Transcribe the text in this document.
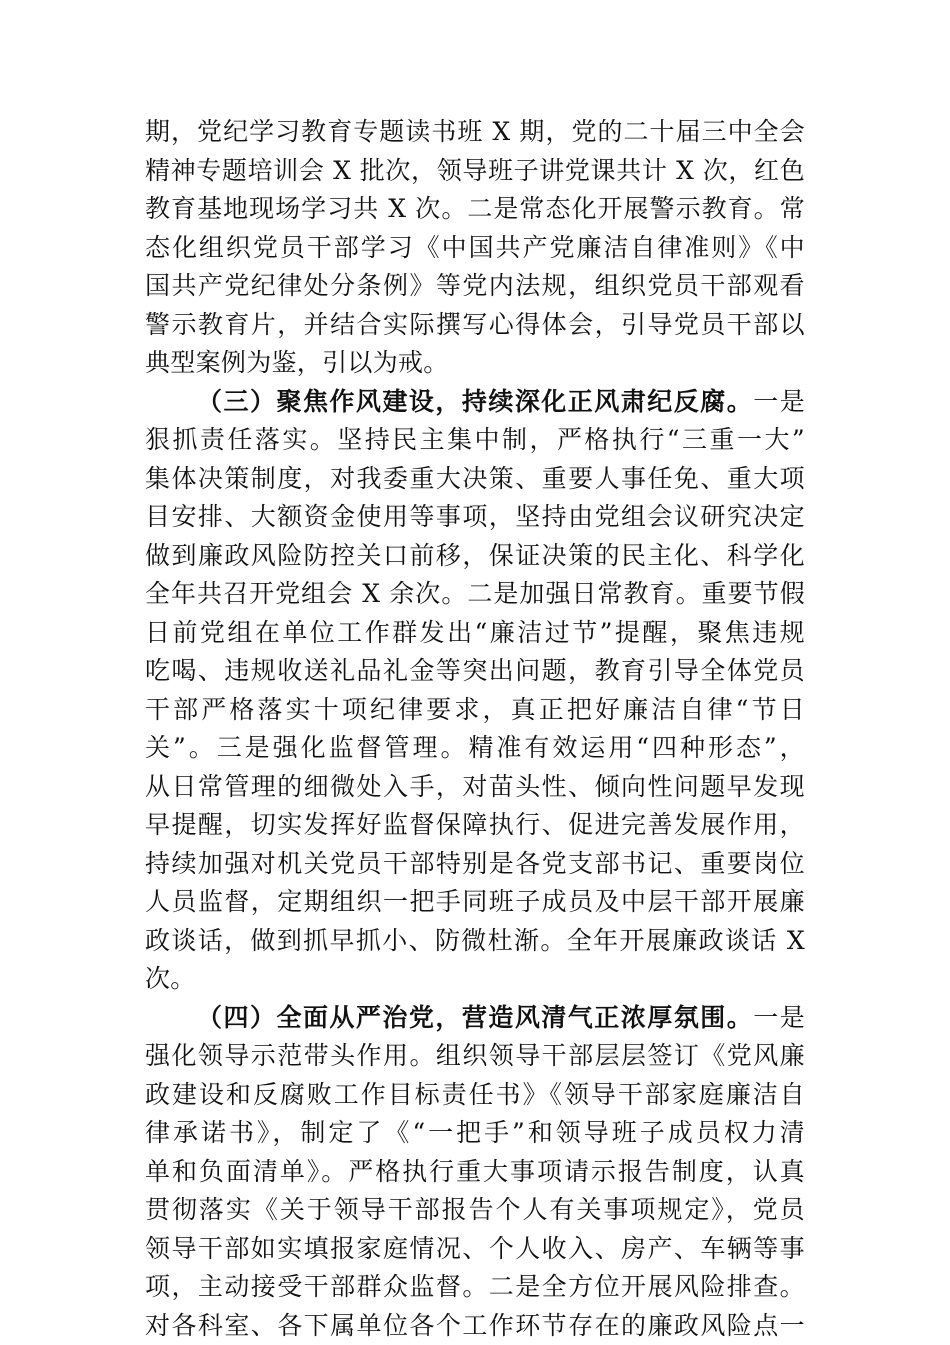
期，党纪学习教育专题读书班 X 期，党的二十届三中全会
精神专题培训会 X 批次，领导班子讲党课共计 X 次，红色
教育基地现场学习共 X 次。二是常态化开展警示教育。常
态化组织党员干部学习《中国共产党廉洁自律准则》《中
国共产党纪律处分条例》等党内法规，组织党员干部观看
警示教育片，并结合实际撰写心得体会，引导党员干部以
典型案例为鉴，引以为戒。
（三）聚焦作风建设，持续深化正风肃纪反腐。一是
狠抓责任落实。坚持民主集中制，严格执行“三重一大”
集体决策制度，对我委重大决策、重要人事任免、重大项
目安排、大额资金使用等事项，坚持由党组会议研究决定
做到廉政风险防控关口前移，保证决策的民主化、科学化
全年共召开党组会 X 余次。二是加强日常教育。重要节假
日前党组在单位工作群发出“廉洁过节”提醒，聚焦违规
吃喝、违规收送礼品礼金等突出问题，教育引导全体党员
干部严格落实十项纪律要求，真正把好廉洁自律“节日
关”。三是强化监督管理。精准有效运用“四种形态”，
从日常管理的细微处入手，对苗头性、倾向性问题早发现
早提醒，切实发挥好监督保障执行、促进完善发展作用，
持续加强对机关党员干部特别是各党支部书记、重要岗位
人员监督，定期组织一把手同班子成员及中层干部开展廉
政谈话，做到抓早抓小、防微杜渐。全年开展廉政谈话 X
次。
（四）全面从严治党，营造风清气正浓厚氛围。一是
强化领导示范带头作用。组织领导干部层层签订《党风廉
政建设和反腐败工作目标责任书》《领导干部家庭廉洁自
律承诺书》，制定了《“一把手”和领导班子成员权力清
单和负面清单》。严格执行重大事项请示报告制度，认真
贯彻落实《关于领导干部报告个人有关事项规定》，党员
领导干部如实填报家庭情况、个人收入、房产、车辆等事
项，主动接受干部群众监督。二是全方位开展风险排查。
对各科室、各下属单位各个工作环节存在的廉政风险点一
